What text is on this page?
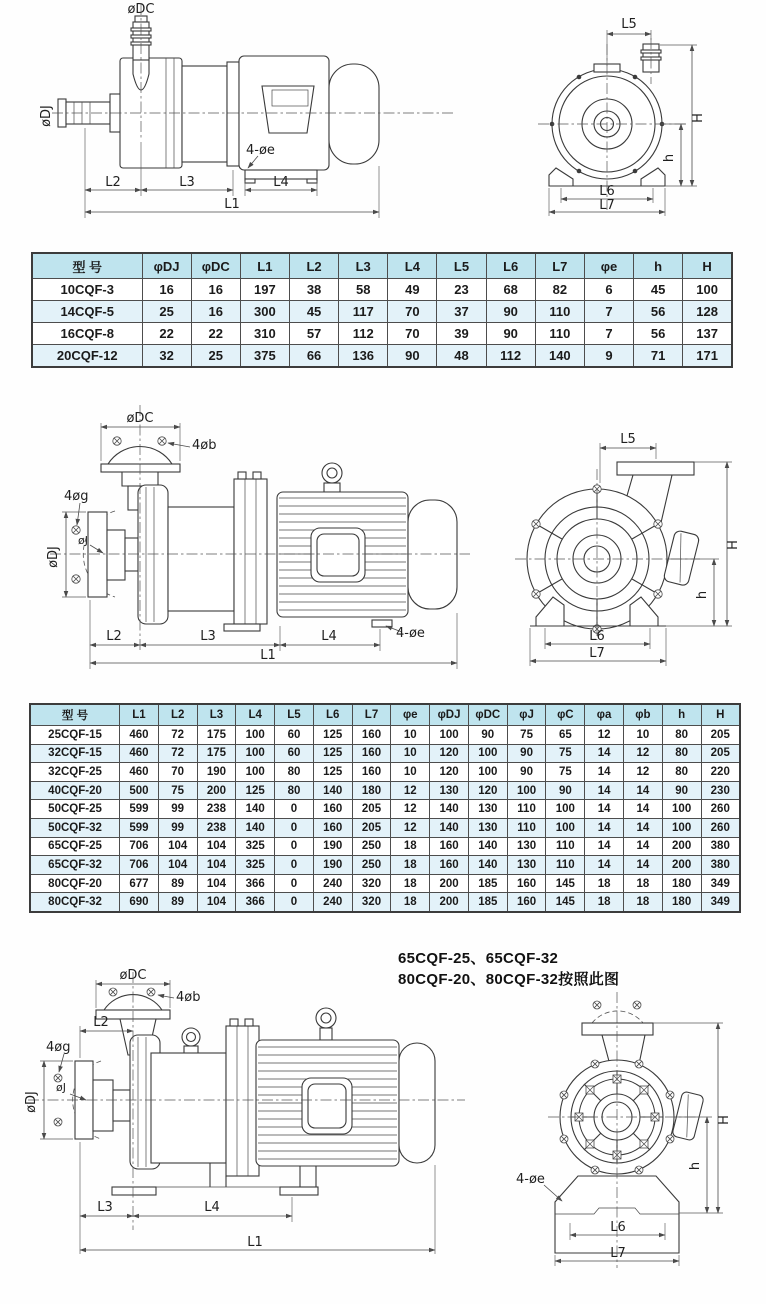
øDC
øDJ
4-øe
L2	L3	L4
L1
L5
H
h
L6
L7
型 号	φDJ	φDC	L1	L2	L3	L4	L5	L6	L7	φe	h	H
10CQF-3	16	16	197	38	58	49	23	68	82	6	45	100
14CQF-5	25	16	300	45	117	70	37	90	110	7	56	128
16CQF-8	22	22	310	57	112	70	39	90	110	7	56	137
20CQF-12	32	25	375	66	136	90	48	112	140	9	71	171
øDC
4øb
4øg
øDJ
øJ
4-øe
L2	L3	L4
L1
L5
H
h
L6
L7
型 号	L1	L2	L3	L4	L5	L6	L7	φe	φDJ	φDC	φJ	φC	φa	φb	h	H
25CQF-15	460	72	175	100	60	125	160	10	100	90	75	65	12	10	80	205
32CQF-15	460	72	175	100	60	125	160	10	120	100	90	75	14	12	80	205
32CQF-25	460	70	190	100	80	125	160	10	120	100	90	75	14	12	80	220
40CQF-20	500	75	200	125	80	140	180	12	130	120	100	90	14	14	90	230
50CQF-25	599	99	238	140	0	160	205	12	140	130	110	100	14	14	100	260
50CQF-32	599	99	238	140	0	160	205	12	140	130	110	100	14	14	100	260
65CQF-25	706	104	104	325	0	190	250	18	160	140	130	110	14	14	200	380
65CQF-32	706	104	104	325	0	190	250	18	160	140	130	110	14	14	200	380
80CQF-20	677	89	104	366	0	240	320	18	200	185	160	145	18	18	180	349
80CQF-32	690	89	104	366	0	240	320	18	200	185	160	145	18	18	180	349
65CQF-25、65CQF-32
80CQF-20、80CQF-32按照此图
øDC
4øb
L2
4øg
øDJ
øJ
L3	L4
L1
4-øe
H
h
L6
L7
